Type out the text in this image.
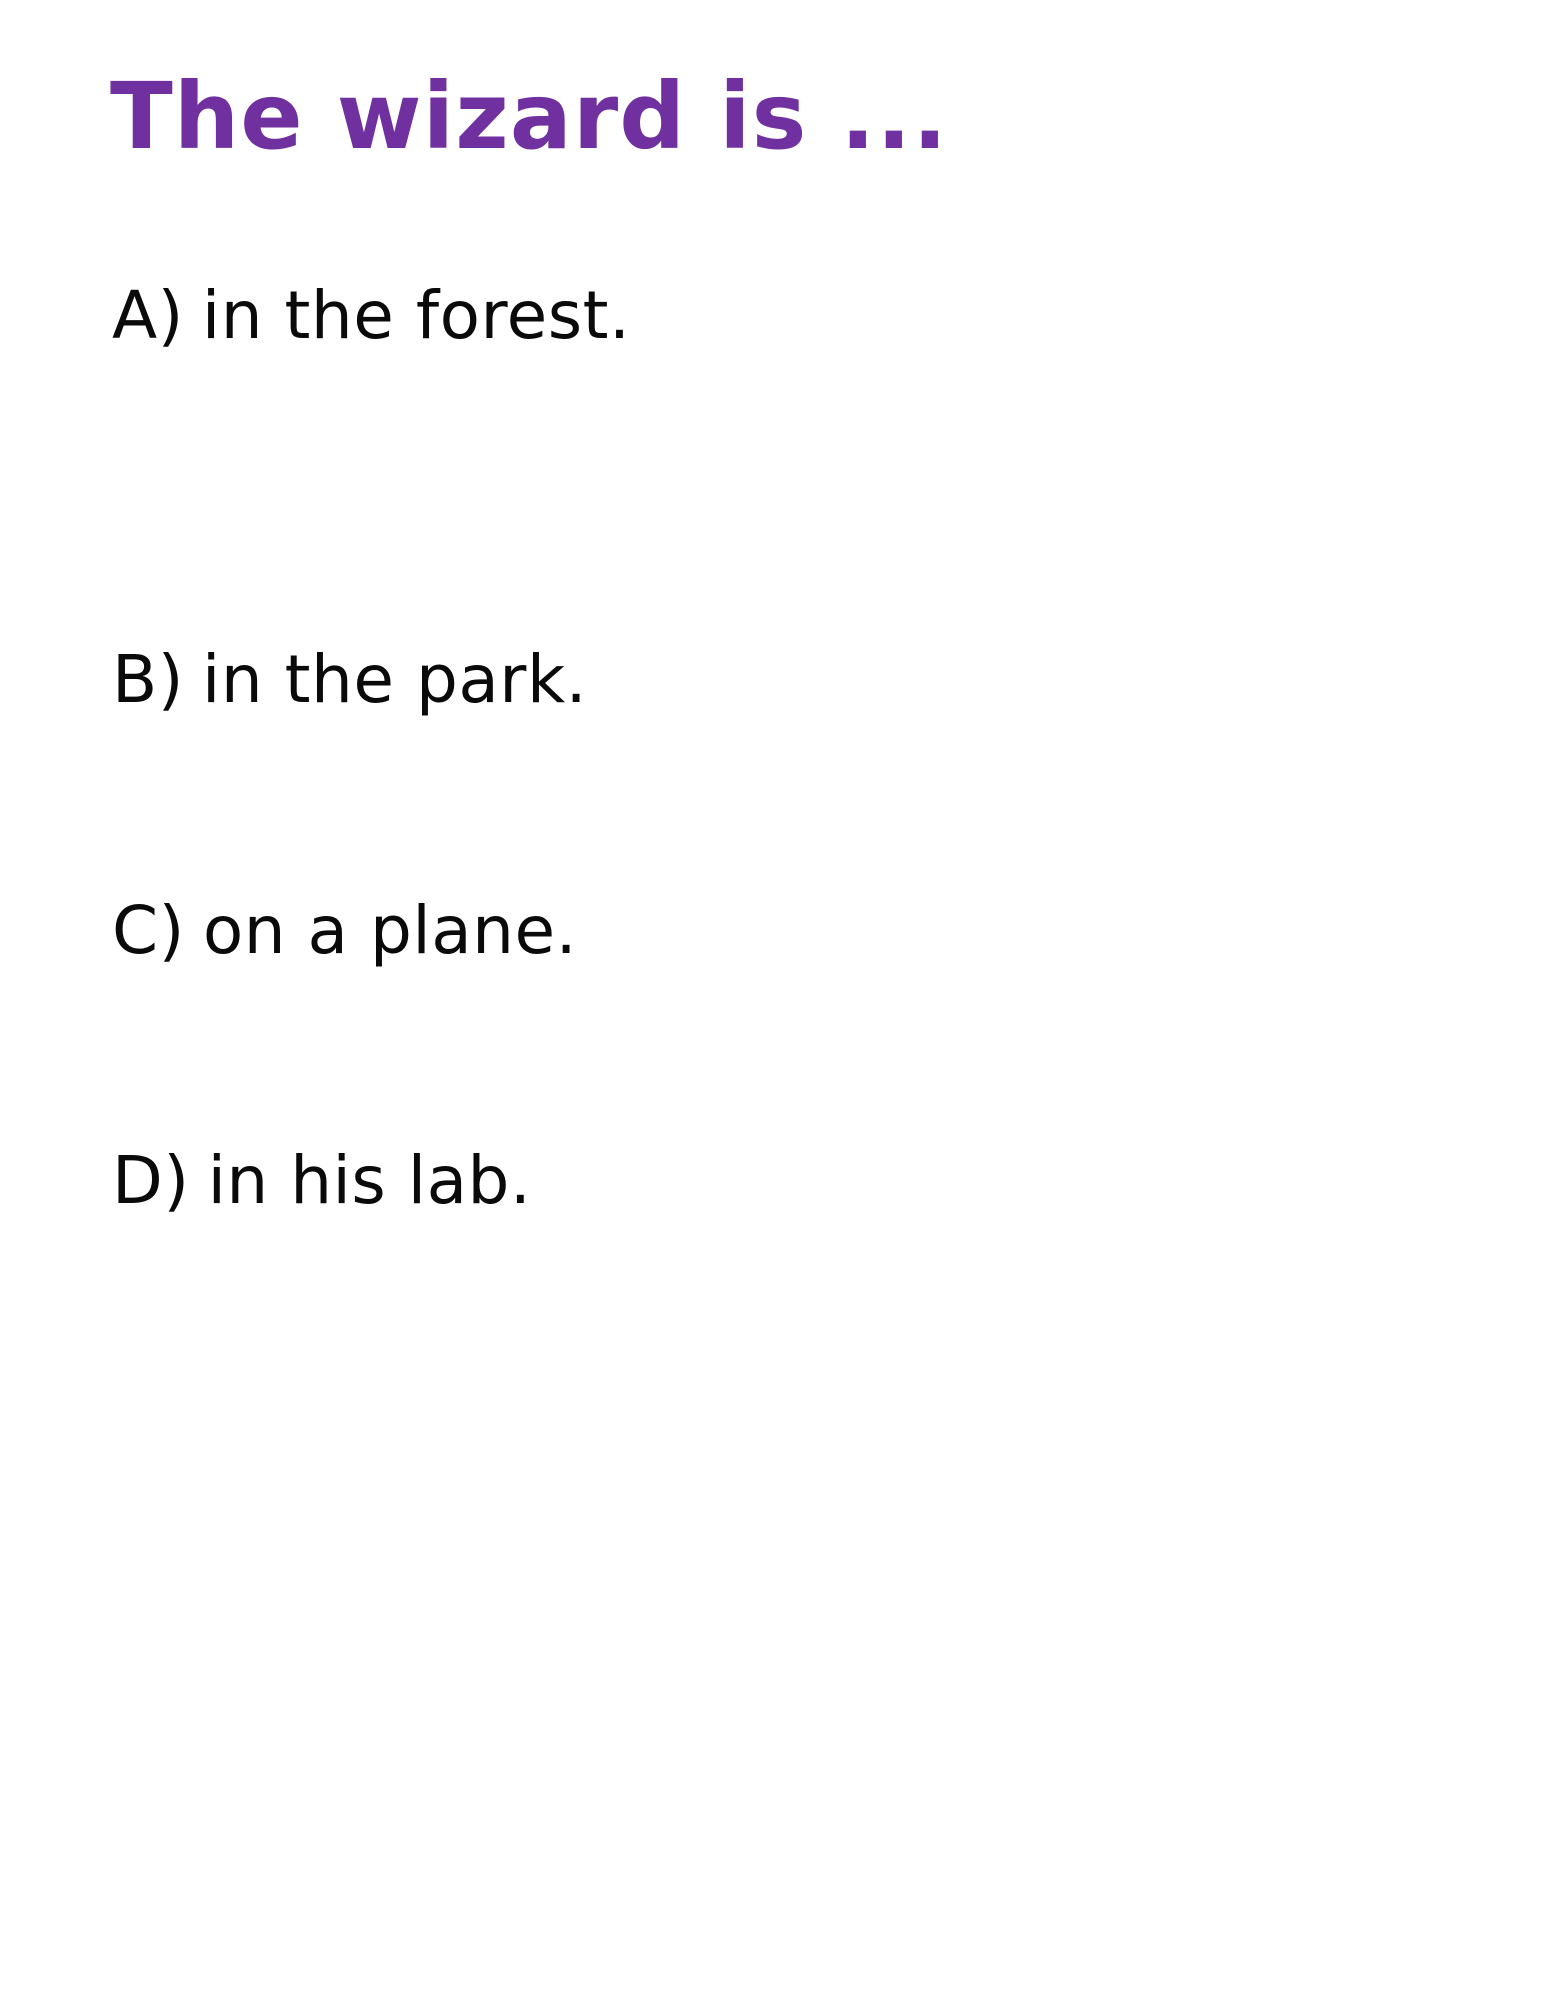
The wizard is ...
A) in the forest.
B) in the park.
C) on a plane.
D) in his lab.
